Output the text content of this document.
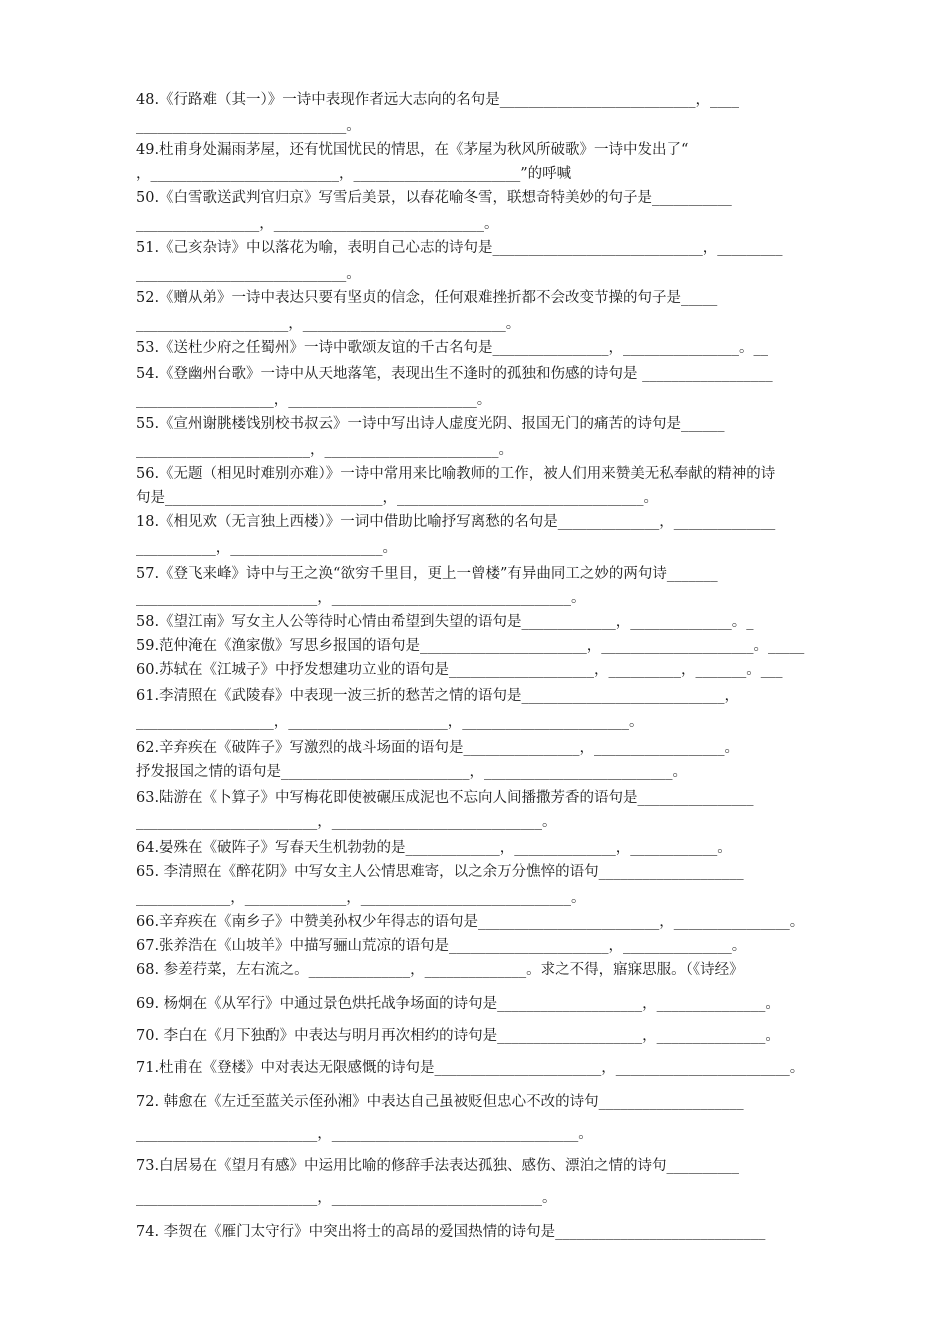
48.《行路难（其一）》一诗中表现作者远大志向的名句是___________________________，____
_____________________________。
49.杜甫身处漏雨茅屋，还有忧国忧民的情思，在《茅屋为秋风所破歌》一诗中发出了“
，__________________________，_______________________”的呼喊
50.《白雪歌送武判官归京》写雪后美景，以春花喻冬雪，联想奇特美妙的句子是___________
_________________，_____________________________。
51.《己亥杂诗》中以落花为喻，表明自己心志的诗句是_____________________________，_________
_____________________________。
52.《赠从弟》一诗中表达只要有坚贞的信念，任何艰难挫折都不会改变节操的句子是_____
_____________________，____________________________。
53.《送杜少府之任蜀州》一诗中歌颂友谊的千古名句是________________，________________。__
54.《登幽州台歌》一诗中从天地落笔，表现出生不逢时的孤独和伤感的诗句是 __________________
___________________，__________________________。
55.《宣州谢朓楼饯别校书叔云》一诗中写出诗人虚度光阴、报国无门的痛苦的诗句是______
________________________，________________________。
56.《无题（相见时难别亦难）》一诗中常用来比喻教师的工作，被人们用来赞美无私奉献的精神的诗
句是______________________________，__________________________________。
18.《相见欢（无言独上西楼）》一词中借助比喻抒写离愁的名句是______________，______________
___________，_____________________。
57.《登飞来峰》诗中与王之涣“欲穷千里目，更上一曾楼”有异曲同工之妙的两句诗_______
_________________________，_________________________________。
58.《望江南》写女主人公等待时心情由希望到失望的语句是_____________，______________。_
59.范仲淹在《渔家傲》写思乡报国的语句是_______________________，_____________________。_____
60.苏轼在《江城子》中抒发想建功立业的语句是____________________，__________，_______。___
61.李清照在《武陵春》中表现一波三折的愁苦之情的语句是____________________________，
___________________，______________________，_______________________。
62.辛弃疾在《破阵子》写激烈的战斗场面的语句是________________，__________________。
抒发报国之情的语句是__________________________，__________________________。
63.陆游在《卜算子》中写梅花即使被碾压成泥也不忘向人间播撒芳香的语句是________________
_________________________，_____________________________。
64.晏殊在《破阵子》写春天生机勃勃的是_____________，______________，____________。
65. 李清照在《醉花阴》中写女主人公情思难寄，以之余万分憔悴的语句____________________
_____________，______________，_____________________________。
66.辛弃疾在《南乡子》中赞美孙权少年得志的语句是_________________________，________________。
67.张养浩在《山坡羊》中描写骊山荒凉的语句是______________________，_______________。
68. 参差荇菜，左右流之。______________，______________。求之不得，寤寐思服。（《诗经》
69. 杨炯在《从军行》中通过景色烘托战争场面的诗句是____________________，_______________。
70. 李白在《月下独酌》中表达与明月再次相约的诗句是____________________，_______________。
71.杜甫在《登楼》中对表达无限感慨的诗句是_______________________，________________________。
72. 韩愈在《左迁至蓝关示侄孙湘》中表达自己虽被贬但忠心不改的诗句____________________
_________________________，__________________________________。
73.白居易在《望月有感》中运用比喻的修辞手法表达孤独、感伤、漂泊之情的诗句__________
_________________________，_____________________________。
74. 李贺在《雁门太守行》中突出将士的高昂的爱国热情的诗句是_____________________________
